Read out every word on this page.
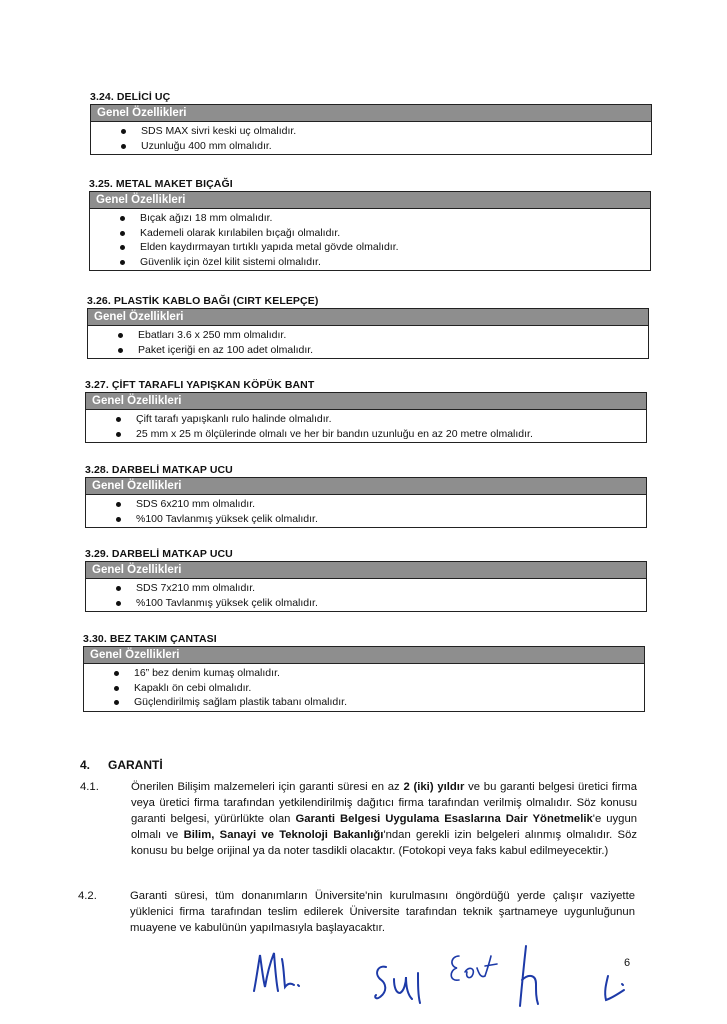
3.24. DELİCİ UÇ
Genel Özellikleri
SDS MAX sivri keski uç olmalıdır.
Uzunluğu 400 mm olmalıdır.
3.25. METAL MAKET BIÇAĞI
Genel Özellikleri
Bıçak ağızı 18 mm olmalıdır.
Kademeli olarak kırılabilen bıçağı olmalıdır.
Elden kaydırmayan tırtıklı yapıda metal gövde olmalıdır.
Güvenlik için özel kilit sistemi olmalıdır.
3.26. PLASTİK KABLO BAĞI (CIRT KELEPÇE)
Genel Özellikleri
Ebatları 3.6 x 250 mm olmalıdır.
Paket içeriği en az 100 adet olmalıdır.
3.27. ÇİFT TARAFLI YAPIŞKAN KÖPÜK BANT
Genel Özellikleri
Çift tarafı yapışkanlı rulo halinde olmalıdır.
25 mm x 25 m ölçülerinde olmalı ve her bir bandın uzunluğu en az 20 metre olmalıdır.
3.28. DARBELİ MATKAP UCU
Genel Özellikleri
SDS 6x210 mm olmalıdır.
%100 Tavlanmış yüksek çelik olmalıdır.
3.29. DARBELİ MATKAP UCU
Genel Özellikleri
SDS 7x210 mm olmalıdır.
%100 Tavlanmış yüksek çelik olmalıdır.
3.30. BEZ TAKIM ÇANTASI
Genel Özellikleri
16” bez denim kumaş olmalıdır.
Kapaklı ön cebi olmalıdır.
Güçlendirilmiş sağlam plastik tabanı olmalıdır.
4. GARANTİ
4.1.	Önerilen Bilişim malzemeleri için garanti süresi en az 2 (iki) yıldır ve bu garanti belgesi üretici firma veya üretici firma tarafından yetkilendirilmiş dağıtıcı firma tarafından verilmiş olmalıdır. Söz konusu garanti belgesi, yürürlükte olan Garanti Belgesi Uygulama Esaslarına Dair Yönetmelik'e uygun olmalı ve Bilim, Sanayi ve Teknoloji Bakanlığı'ndan gerekli izin belgeleri alınmış olmalıdır. Söz konusu bu belge orijinal ya da noter tasdikli olacaktır. (Fotokopi veya faks kabul edilmeyecektir.)
4.2.	Garanti süresi, tüm donanımların Üniversite'nin kurulmasını öngördüğü yerde çalışır vaziyette yüklenici firma tarafından teslim edilerek Üniversite tarafından teknik şartnameye uygunluğunun muayene ve kabulünün yapılmasıyla başlayacaktır.
6
